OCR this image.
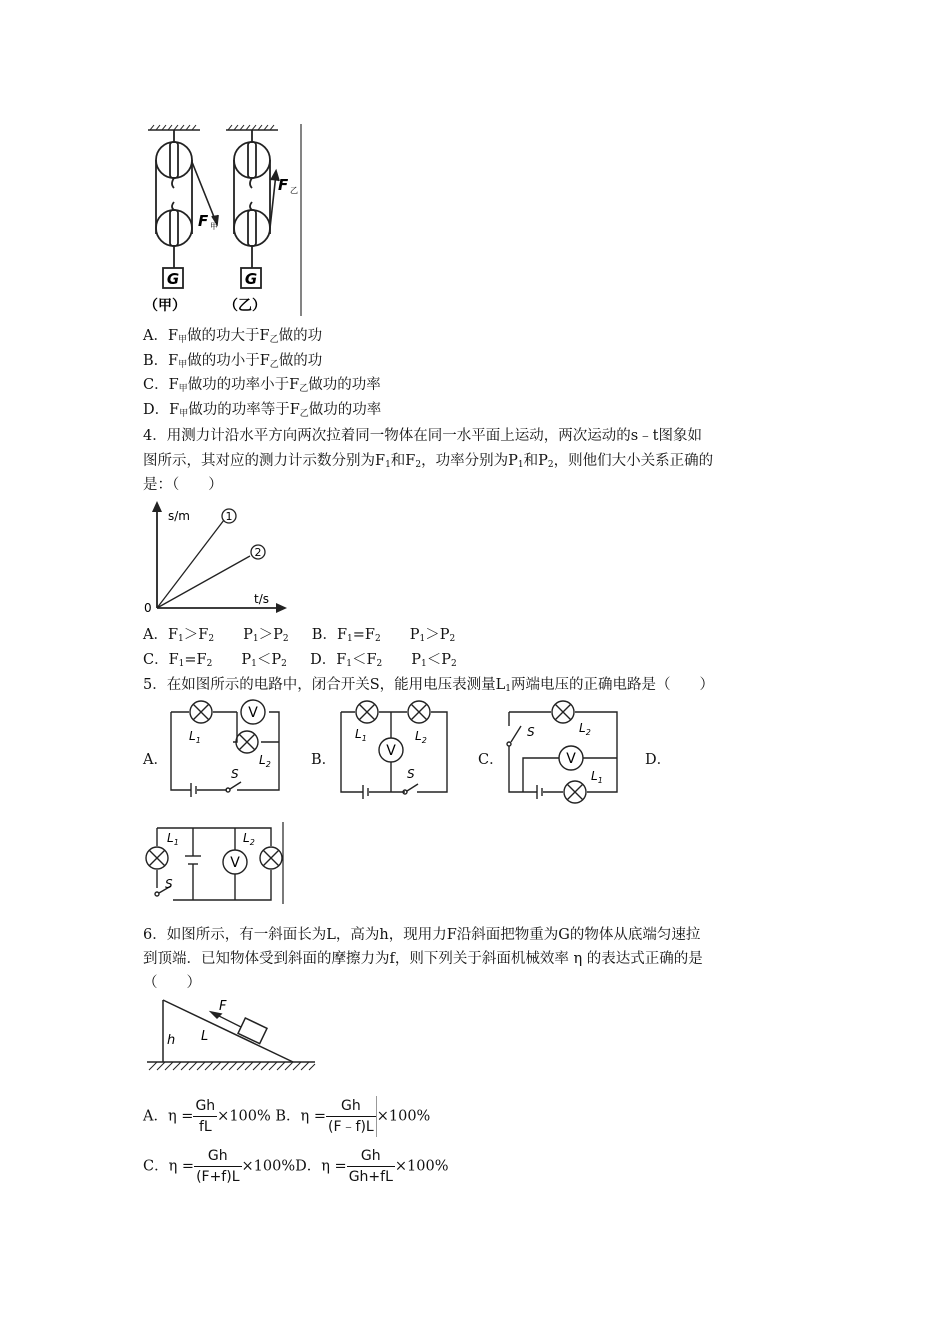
G	G
F 甲
F 乙
（甲）	（乙）
A．$F_甲$做的功大于$F_乙$做的功
B．$F_甲$做的功小于$F_乙$做的功
C．$F_甲$做功的功率小于$F_乙$做功的功率
D．$F_甲$做功的功率等于$F_乙$做功的功率
4．用测力计沿水平方向两次拉着同一物体在同一水平面上运动，两次运动的s﹣t图象如
图所示，其对应的测力计示数分别为$F_1$和$F_2$，功率分别为$P_1$和$P_2$，则他们大小关系正确的
是：（　　）
1
2
s/m
t/s
0
A．$F_1>F_2$　　$P_1>P_2$ B．$F_1=F_2$　　$P_1>P_2$
C．$F_1=F_2$　　$P_1<P_2$ D．$F_1<F_2$　　$P_1<P_2$
5．在如图所示的电路中，闭合开关S，能用电压表测量$L_1$两端电压的正确电路是（　　）
A．	B．	C．	D．
V
$L_1$
$L_2$
S
V
$L_1$	$L_2$
S
V
$L_2$
$L_1$
S
V
$L_1$	$L_2$
S
6．如图所示，有一斜面长为L，高为h，现用力F沿斜面把物重为G的物体从底端匀速拉
到顶端．已知物体受到斜面的摩擦力为f，则下列关于斜面机械效率 η 的表达式正确的是
（　　）
h L
F
A．$\eta = \frac{Gh}{fL} \times 100\%$ B．$\eta = \frac{Gh}{(F﹣f)L} \times 100\%$
C．$\eta = \frac{Gh}{(F+f)L} \times 100\%D$．$\eta = \frac{Gh}{Gh+fL} \times 100\%$
